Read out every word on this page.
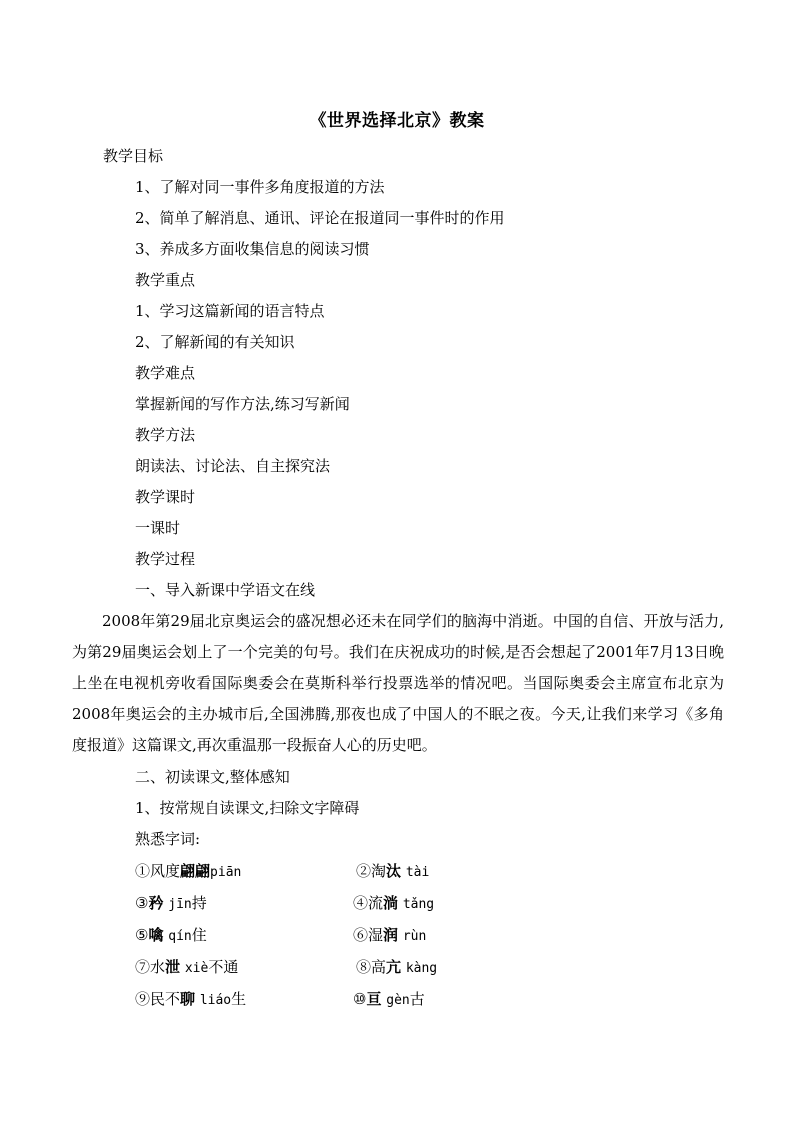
《世界选择北京》教案
教学目标
1、了解对同一事件多角度报道的方法
2、简单了解消息、通讯、评论在报道同一事件时的作用
3、养成多方面收集信息的阅读习惯
教学重点
1、学习这篇新闻的语言特点
2、了解新闻的有关知识
教学难点
掌握新闻的写作方法,练习写新闻
教学方法
朗读法、讨论法、自主探究法
教学课时
一课时
教学过程
一、导入新课中学语文在线
2008年第29届北京奥运会的盛况想必还未在同学们的脑海中消逝。中国的自信、开放与活力,为第29届奥运会划上了一个完美的句号。我们在庆祝成功的时候,是否会想起了2001年7月13日晚上坐在电视机旁收看国际奥委会在莫斯科举行投票选举的情况吧。当国际奥委会主席宣布北京为2008年奥运会的主办城市后,全国沸腾,那夜也成了中国人的不眠之夜。今天,让我们来学习《多角度报道》这篇课文,再次重温那一段振奋人心的历史吧。
二、初读课文,整体感知
1、按常规自读课文,扫除文字障碍
熟悉字词:
①风度翩翩piān	②淘汰 tài
③矜 jīn持	④流淌 tǎng
⑤噙 qín住	⑥湿润 rùn
⑦水泄 xiè不通	⑧高亢 kàng
⑨民不聊 liáo生	⑩亘 gèn古
